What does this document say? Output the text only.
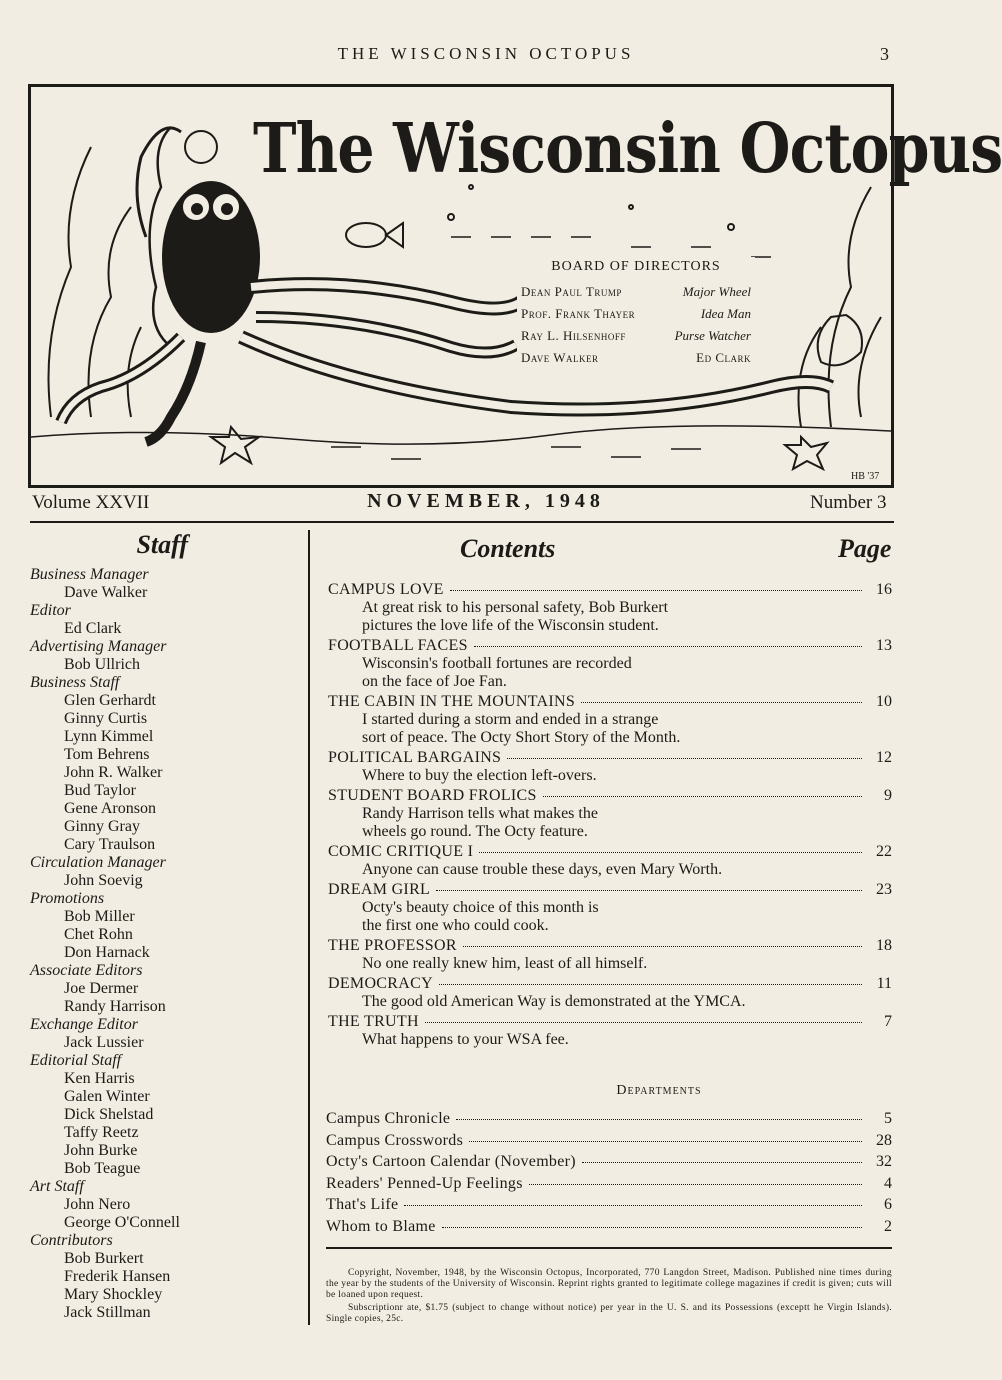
THE WISCONSIN OCTOPUS	3
HB '37
The Wisconsin Octopus
BOARD OF DIRECTORS
Dean Paul Trump	Major Wheel
Prof. Frank Thayer	Idea Man
Ray L. Hilsenhoff	Purse Watcher
Dave Walker	Ed Clark
Volume XXVII	NOVEMBER, 1948	Number 3
Staff
Business Manager
Dave Walker
Editor
Ed Clark
Advertising Manager
Bob Ullrich
Business Staff
Glen Gerhardt
Ginny Curtis
Lynn Kimmel
Tom Behrens
John R. Walker
Bud Taylor
Gene Aronson
Ginny Gray
Cary Traulson
Circulation Manager
John Soevig
Promotions
Bob Miller
Chet Rohn
Don Harnack
Associate Editors
Joe Dermer
Randy Harrison
Exchange Editor
Jack Lussier
Editorial Staff
Ken Harris
Galen Winter
Dick Shelstad
Taffy Reetz
John Burke
Bob Teague
Art Staff
John Nero
George O'Connell
Contributors
Bob Burkert
Frederik Hansen
Mary Shockley
Jack Stillman
Contents	Page
CAMPUS LOVE	16
At great risk to his personal safety, Bob Burkert
pictures the love life of the Wisconsin student.
FOOTBALL FACES	13
Wisconsin's football fortunes are recorded
on the face of Joe Fan.
THE CABIN IN THE MOUNTAINS	10
I started during a storm and ended in a strange
sort of peace. The Octy Short Story of the Month.
POLITICAL BARGAINS	12
Where to buy the election left-overs.
STUDENT BOARD FROLICS	9
Randy Harrison tells what makes the
wheels go round. The Octy feature.
COMIC CRITIQUE I	22
Anyone can cause trouble these days, even Mary Worth.
DREAM GIRL	23
Octy's beauty choice of this month is
the first one who could cook.
THE PROFESSOR	18
No one really knew him, least of all himself.
DEMOCRACY	11
The good old American Way is demonstrated at the YMCA.
THE TRUTH	7
What happens to your WSA fee.
Departments
Campus Chronicle	5
Campus Crosswords	28
Octy's Cartoon Calendar (November)	32
Readers' Penned-Up Feelings	4
That's Life	6
Whom to Blame	2

Copyright, November, 1948, by the Wisconsin Octopus, Incorporated, 770 Langdon Street, Madison. Published nine times during the year by the students of the University of Wisconsin. Reprint rights granted to legitimate college magazines if credit is given; cuts will be loaned upon request.

Subscriptionr ate, $1.75 (subject to change without notice) per year in the U. S. and its Possessions (exceptt he Virgin Islands). Single copies, 25c.
